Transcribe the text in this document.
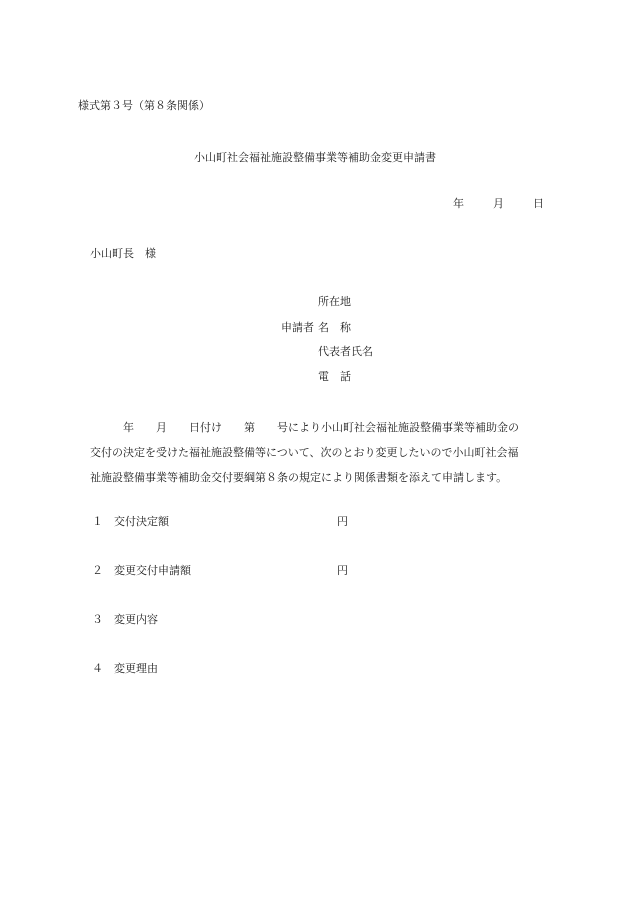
様式第３号（第８条関係）
小山町社会福祉施設整備事業等補助金変更申請書
年	月	日
小山町長　様
申請者
所在地
名　称
代表者氏名
電　話
　　　年　　月　　日付け　　第　　号により小山町社会福祉施設整備事業等補助金の
交付の決定を受けた福祉施設整備等について、次のとおり変更したいので小山町社会福
祉施設整備事業等補助金交付要綱第８条の規定により関係書類を添えて申請します。
１ 交付決定額	円
２ 変更交付申請額	円
３ 変更内容
４ 変更理由
